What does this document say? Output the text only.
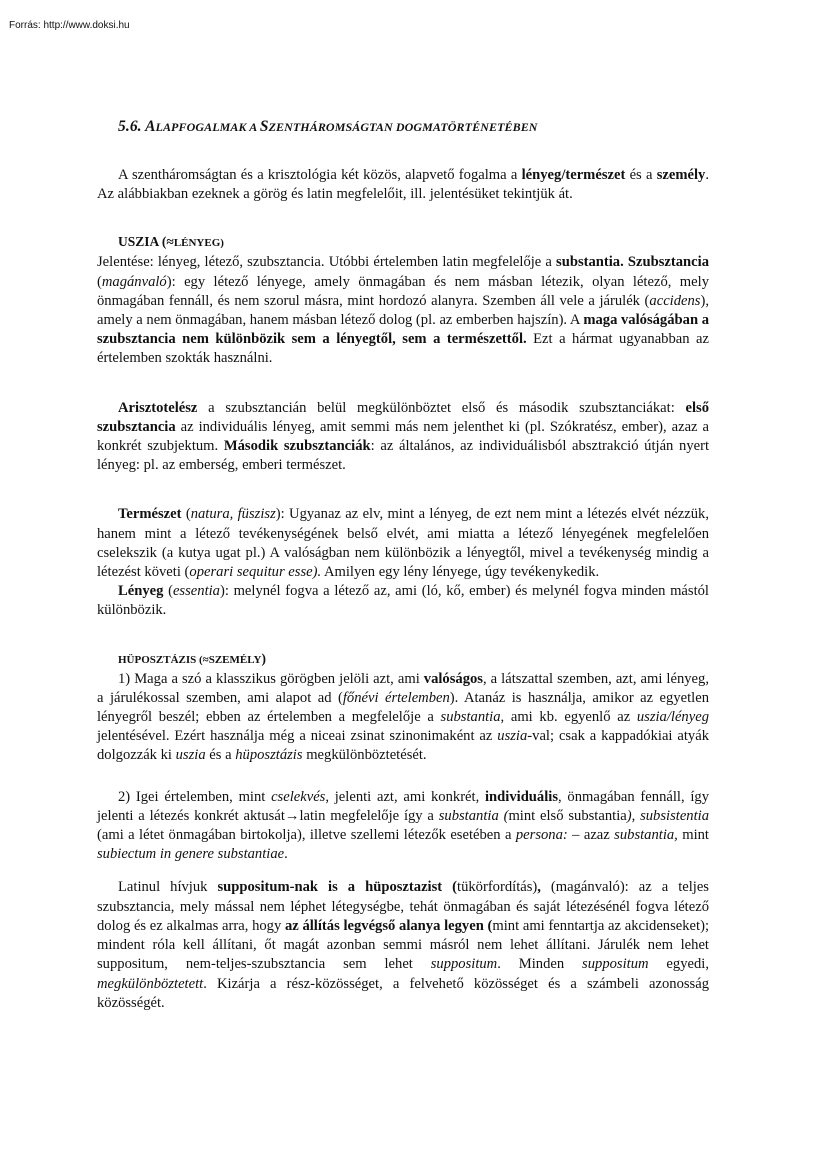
Forrás: http://www.doksi.hu
5.6. ALAPFOGALMAK A SZENTHÁROMSÁGTAN DOGMATÖRTÉNETÉBEN

A szentháromságtan és a krisztológia két közös, alapvető fogalma a lényeg/természet és a személy. Az alábbiakban ezeknek a görög és latin megfelelőit, ill. jelentésüket tekintjük át.

USZIA (≈LÉNYEG)

Jelentése: lényeg, létező, szubsztancia. Utóbbi értelemben latin megfelelője a substantia. Szubsztancia (magánvaló): egy létező lényege, amely önmagában és nem másban létezik, olyan létező, mely önmagában fennáll, és nem szorul másra, mint hordozó alanyra. Szemben áll vele a járulék (accidens), amely a nem önmagában, hanem másban létező dolog (pl. az emberben hajszín). A maga valóságában a szubsztancia nem különbözik sem a lényegtől, sem a természettől. Ezt a hármat ugyanabban az értelemben szokták használni.

Arisztotelész a szubsztancián belül megkülönböztet első és második szubsztanciákat: első szubsztancia az individuális lényeg, amit semmi más nem jelenthet ki (pl. Szókratész, ember), azaz a konkrét szubjektum. Második szubsztanciák: az általános, az individuálisból absztrakció útján nyert lényeg: pl. az emberség, emberi természet.

Természet (natura, füszisz): Ugyanaz az elv, mint a lényeg, de ezt nem mint a létezés elvét nézzük, hanem mint a létező tevékenységének belső elvét, ami miatta a létező lényegének megfelelően cselekszik (a kutya ugat pl.) A valóságban nem különbözik a lényegtől, mivel a tevékenység mindig a létezést követi (operari sequitur esse). Amilyen egy lény lényege, úgy tevékenykedik.

Lényeg (essentia): melynél fogva a létező az, ami (ló, kő, ember) és melynél fogva minden mástól különbözik.

HÜPOSZTÁZIS (≈SZEMÉLY)

1) Maga a szó a klasszikus görögben jelöli azt, ami valóságos, a látszattal szemben, azt, ami lényeg, a járulékossal szemben, ami alapot ad (főnévi értelemben). Atanáz is használja, amikor az egyetlen lényegről beszél; ebben az értelemben a megfelelője a substantia, ami kb. egyenlő az uszia/lényeg jelentésével. Ezért használja még a niceai zsinat szinonimaként az uszia-val; csak a kappadókiai atyák dolgozzák ki uszia és a hüposztázis megkülönböztetését.

2) Igei értelemben, mint cselekvés, jelenti azt, ami konkrét, individuális, önmagában fennáll, így jelenti a létezés konkrét aktusát→latin megfelelője így a substantia (mint első substantia), subsistentia (ami a létet önmagában birtokolja), illetve szellemi létezők esetében a persona: – azaz substantia, mint subiectum in genere substantiae.

Latinul hívjuk suppositum-nak is a hüposztazist (tükörfordítás), (magánvaló): az a teljes szubsztancia, mely mással nem léphet létegységbe, tehát önmagában és saját létezésénél fogva létező dolog és ez alkalmas arra, hogy az állítás legvégső alanya legyen (mint ami fenntartja az akcidenseket); mindent róla kell állítani, őt magát azonban semmi másról nem lehet állítani. Járulék nem lehet suppositum, nem-teljes-szubsztancia sem lehet suppositum. Minden suppositum egyedi, megkülönböztetett. Kizárja a rész-közösséget, a felvehető közösséget és a számbeli azonosság közösségét.
